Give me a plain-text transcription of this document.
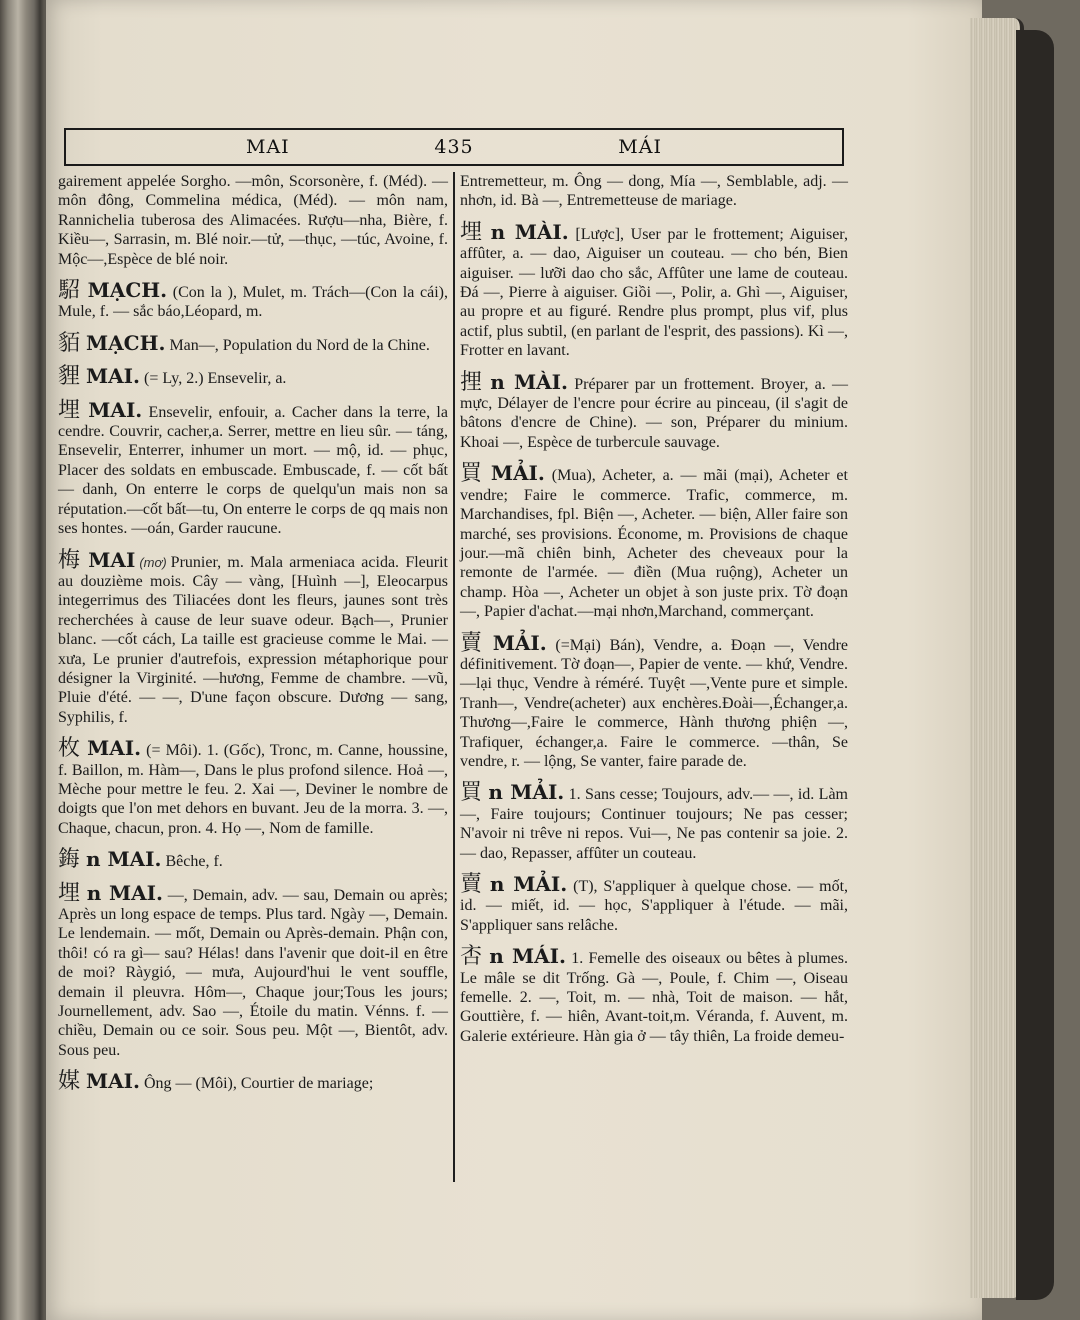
MAI	435	MÁI

gairement appelée Sorgho. —môn, Scorsonère, f. (Méd). — môn đông, Commelina médica, (Méd). — môn nam, Rannichelia tuberosa des Alimacées. Rượu—nha, Bière, f. Kiều—, Sarrasin, m. Blé noir.—tử, —thục, —túc, Avoine, f. Mộc—,Espèce de blé noir.

駋 MẠCH. (Con la ), Mulet, m. Trách—(Con la cái), Mule, f. — sắc báo,Léopard, m.

貊 MẠCH. Man—, Population du Nord de la Chine.

貍 MAI. (= Ly, 2.) Ensevelir, a.

埋 MAI. Ensevelir, enfouir, a. Cacher dans la terre, la cendre. Couvrir, cacher,a. Serrer, mettre en lieu sûr. — táng, Ensevelir, Enterrer, inhumer un mort. — mộ, id. — phục, Placer des soldats en embuscade. Embuscade, f. — cốt bất — danh, On enterre le corps de quelqu'un mais non sa réputation.—cốt bất—tu, On enterre le corps de qq mais non ses hontes. —oán, Garder raucune.

梅 MAI (mơ) Prunier, m. Mala armeniaca acida. Fleurit au douzième mois. Cây — vàng, [Huình —], Eleocarpus integerrimus des Tiliacées dont les fleurs, jaunes sont très recherchées à cause de leur suave odeur. Bạch—, Prunier blanc. —cốt cách, La taille est gracieuse comme le Mai. — xưa, Le prunier d'autrefois, expression métaphorique pour désigner la Virginité. —hương, Femme de chambre. —vũ, Pluie d'été. — —, D'une façon obscure. Dương — sang, Syphilis, f.

枚 MAI. (= Môi). 1. (Gốc), Tronc, m. Canne, houssine, f. Baillon, m. Hàm—, Dans le plus profond silence. Hoả —, Mèche pour mettre le feu. 2. Xai —, Deviner le nombre de doigts que l'on met dehors en buvant. Jeu de la morra. 3. —, Chaque, chacun, pron. 4. Họ —, Nom de famille.

鋂 n MAI. Bêche, f.

埋 n MAI. —, Demain, adv. — sau, Demain ou après; Après un long espace de temps. Plus tard. Ngày —, Demain. Le lendemain. — mốt, Demain ou Après-demain. Phận con, thôi! có ra gì— sau? Hélas! dans l'avenir que doit-il en être de moi? Ràygió, — mưa, Aujourd'hui le vent souffle, demain il pleuvra. Hôm—, Chaque jour;Tous les jours; Journellement, adv. Sao —, Étoile du matin. Vénns. f. — chiều, Demain ou ce soir. Sous peu. Một —, Bientôt, adv. Sous peu.

媒 MAI. Ông — (Môi), Courtier de mariage;

Entremetteur, m. Ông — dong, Mía —, Semblable, adj. — nhơn, id. Bà —, Entremetteuse de mariage.

埋 n MÀI. [Lược], User par le frottement; Aiguiser, affûter, a. — dao, Aiguiser un couteau. — cho bén, Bien aiguiser. — lưỡi dao cho sắc, Affûter une lame de couteau. Đá —, Pierre à aiguiser. Giồi —, Polir, a. Ghì —, Aiguiser, au propre et au figuré. Rendre plus prompt, plus vif, plus actif, plus subtil, (en parlant de l'esprit, des passions). Kì —, Frotter en lavant.

捚 n MÀI. Préparer par un frottement. Broyer, a. — mực, Délayer de l'encre pour écrire au pinceau, (il s'agit de bâtons d'encre de Chine). — son, Préparer du minium. Khoai —, Espèce de turbercule sauvage.

買 MẢI. (Mua), Acheter, a. — mãi (mại), Acheter et vendre; Faire le commerce. Trafic, commerce, m. Marchandises, fpl. Biện —, Acheter. — biện, Aller faire son marché, ses provisions. Économe, m. Provisions de chaque jour.—mã chiên binh, Acheter des cheveaux pour la remonte de l'armée. — điền (Mua ruộng), Acheter un champ. Hòa —, Acheter un objet à son juste prix. Tờ đoạn —, Papier d'achat.—mại nhơn,Marchand, commerçant.

賣 MẢI. (=Mại) Bán), Vendre, a. Đoạn —, Vendre définitivement. Tờ đoạn—, Papier de vente. — khứ, Vendre.—lại thục, Vendre à réméré. Tuyệt —,Vente pure et simple. Tranh—, Vendre(acheter) aux enchères.Đoài—,Échanger,a. Thương—,Faire le commerce, Hành thương phiện —, Trafiquer, échanger,a. Faire le commerce. —thân, Se vendre, r. — lộng, Se vanter, faire parade de.

買 n MẢI. 1. Sans cesse; Toujours, adv.— —, id. Làm—, Faire toujours; Continuer toujours; Ne pas cesser; N'avoir ni trêve ni repos. Vui—, Ne pas contenir sa joie. 2. — dao, Repasser, affûter un couteau.

賣 n MẢI. (T), S'appliquer à quelque chose. — mốt, id. — miết, id. — học, S'appliquer à l'étude. — mãi, S'appliquer sans relâche.

㕻 n MÁI. 1. Femelle des oiseaux ou bêtes à plumes. Le mâle se dit Trống. Gà —, Poule, f. Chim —, Oiseau femelle. 2. —, Toit, m. — nhà, Toit de maison. — hắt, Gouttière, f. — hiên, Avant-toit,m. Véranda, f. Auvent, m. Galerie extérieure. Hàn gia ở — tây thiên, La froide demeu-
